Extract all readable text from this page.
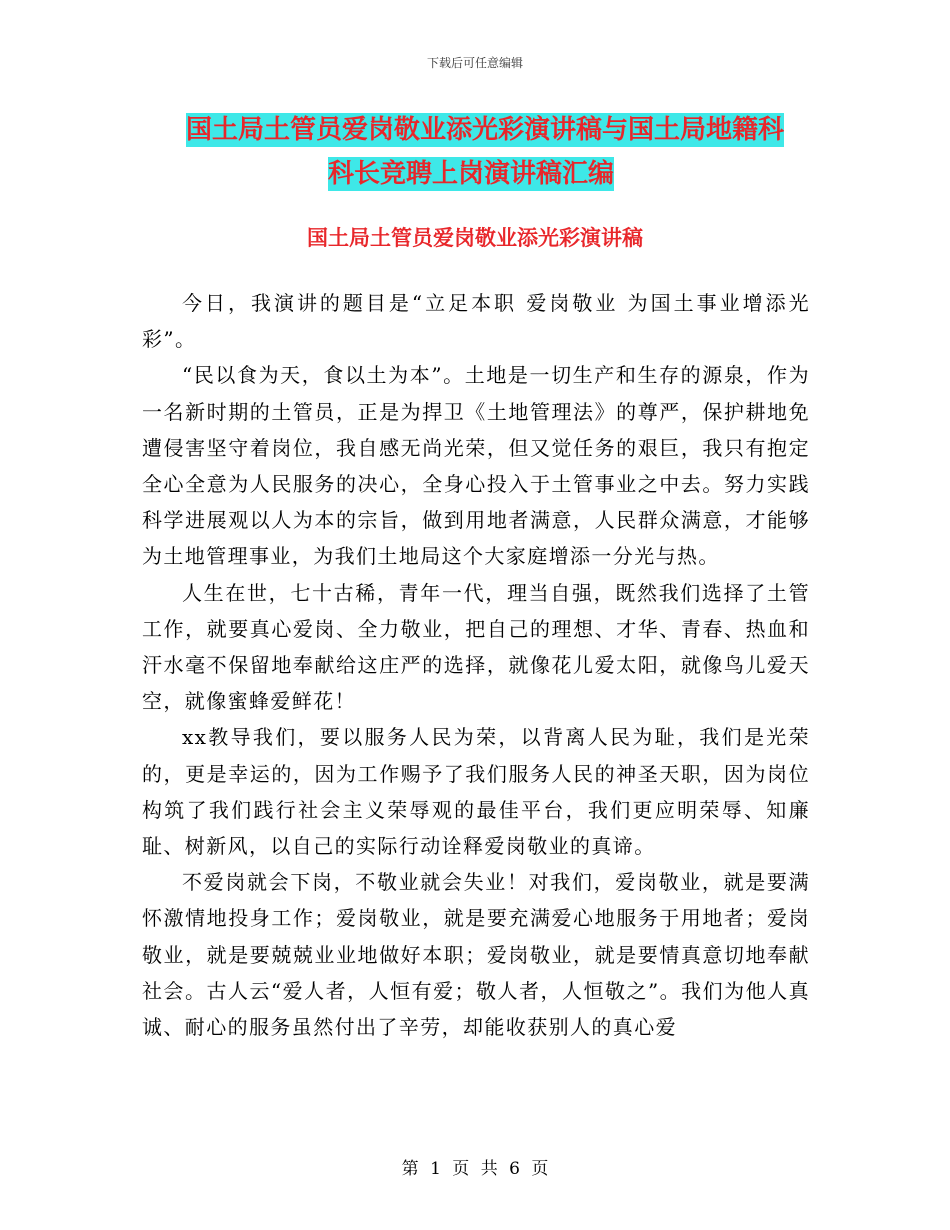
下载后可任意编辑
国土局土管员爱岗敬业添光彩演讲稿与国土局地籍科
科长竞聘上岗演讲稿汇编
国土局土管员爱岗敬业添光彩演讲稿

今日，我演讲的题目是“立足本职 爱岗敬业 为国土事业增添光彩”。

“民以食为天，食以土为本”。土地是一切生产和生存的源泉，作为一名新时期的土管员，正是为捍卫《土地管理法》的尊严，保护耕地免遭侵害坚守着岗位，我自感无尚光荣，但又觉任务的艰巨，我只有抱定全心全意为人民服务的决心，全身心投入于土管事业之中去。努力实践科学进展观以人为本的宗旨，做到用地者满意，人民群众满意，才能够为土地管理事业，为我们土地局这个大家庭增添一分光与热。

人生在世，七十古稀，青年一代，理当自强，既然我们选择了土管工作，就要真心爱岗、全力敬业，把自己的理想、才华、青春、热血和汗水毫不保留地奉献给这庄严的选择，就像花儿爱太阳，就像鸟儿爱天空，就像蜜蜂爱鲜花！

xx教导我们，要以服务人民为荣，以背离人民为耻，我们是光荣的，更是幸运的，因为工作赐予了我们服务人民的神圣天职，因为岗位构筑了我们践行社会主义荣辱观的最佳平台，我们更应明荣辱、知廉耻、树新风，以自己的实际行动诠释爱岗敬业的真谛。

不爱岗就会下岗，不敬业就会失业！对我们，爱岗敬业，就是要满怀激情地投身工作；爱岗敬业，就是要充满爱心地服务于用地者；爱岗敬业，就是要兢兢业业地做好本职；爱岗敬业，就是要情真意切地奉献社会。古人云“爱人者，人恒有爱；敬人者，人恒敬之”。我们为他人真诚、耐心的服务虽然付出了辛劳，却能收获别人的真心爱

第 1 页 共 6 页
